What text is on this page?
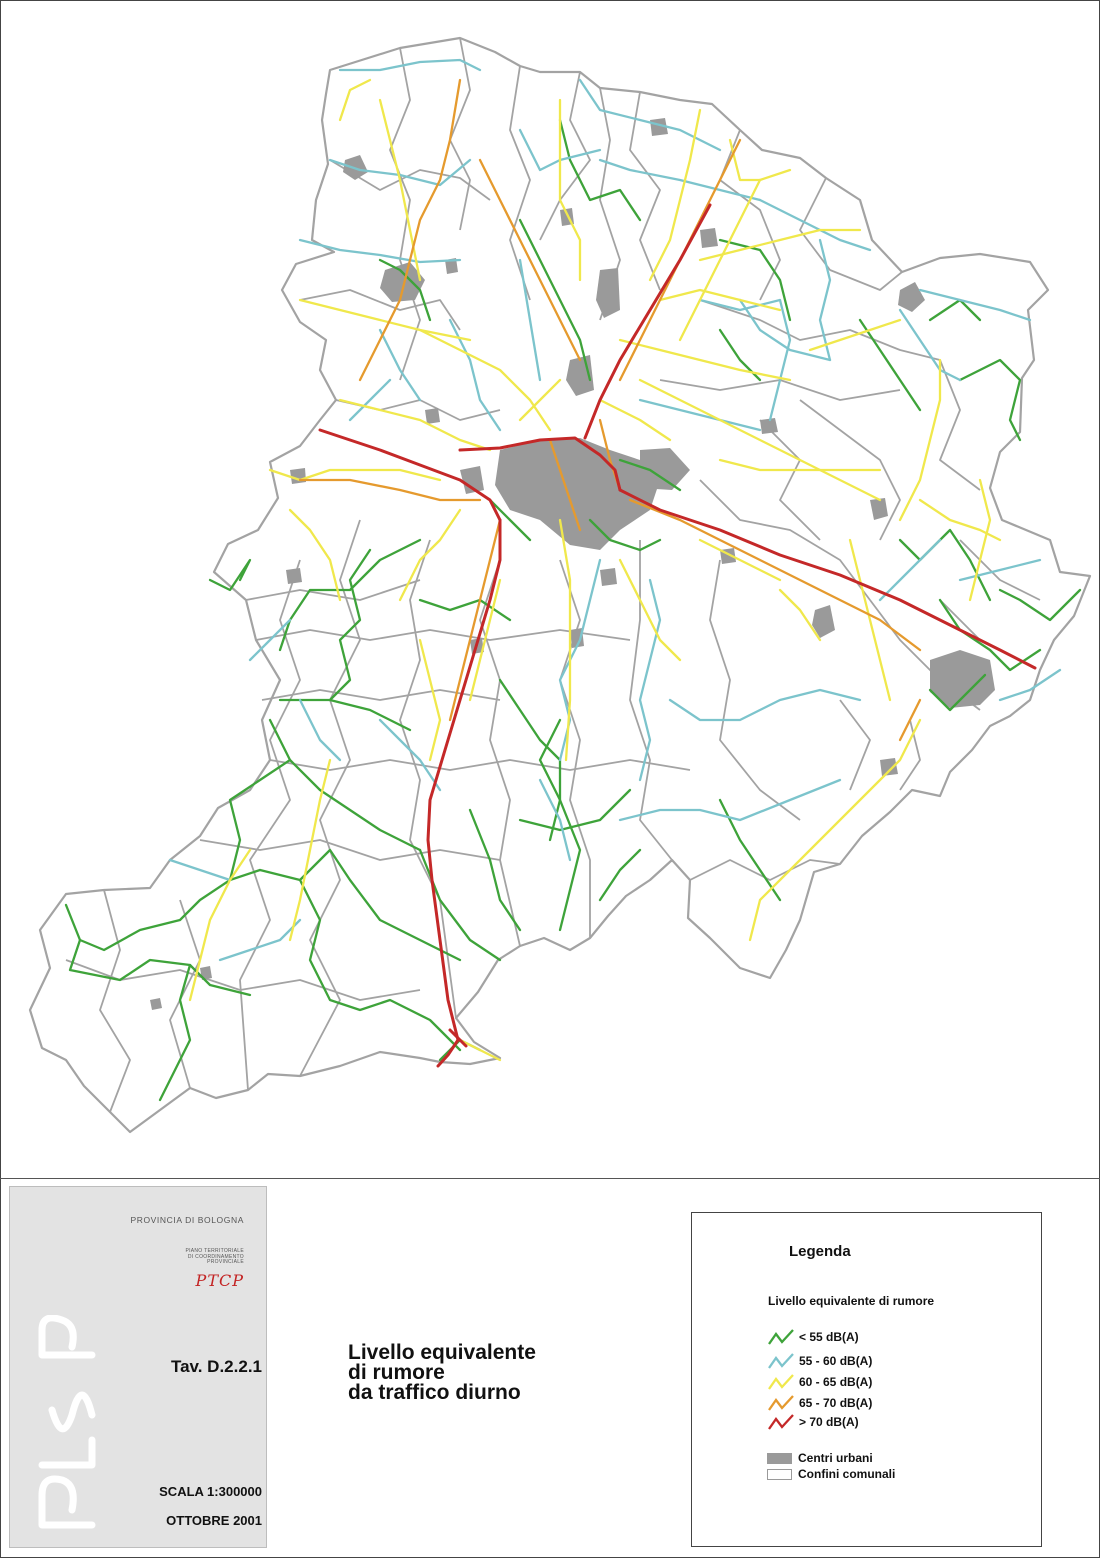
PROVINCIA DI BOLOGNA
PIANO TERRITORIALE
DI COORDINAMENTO
PROVINCIALE
PTCP
Tav. D.2.2.1
SCALA 1:300000
OTTOBRE 2001
Livello equivalente
di rumore
da traffico diurno
Legenda
Livello equivalente di rumore
< 55 dB(A)
55 - 60 dB(A)
60 - 65 dB(A)
65 - 70 dB(A)
> 70 dB(A)
Centri urbani
Confini comunali
